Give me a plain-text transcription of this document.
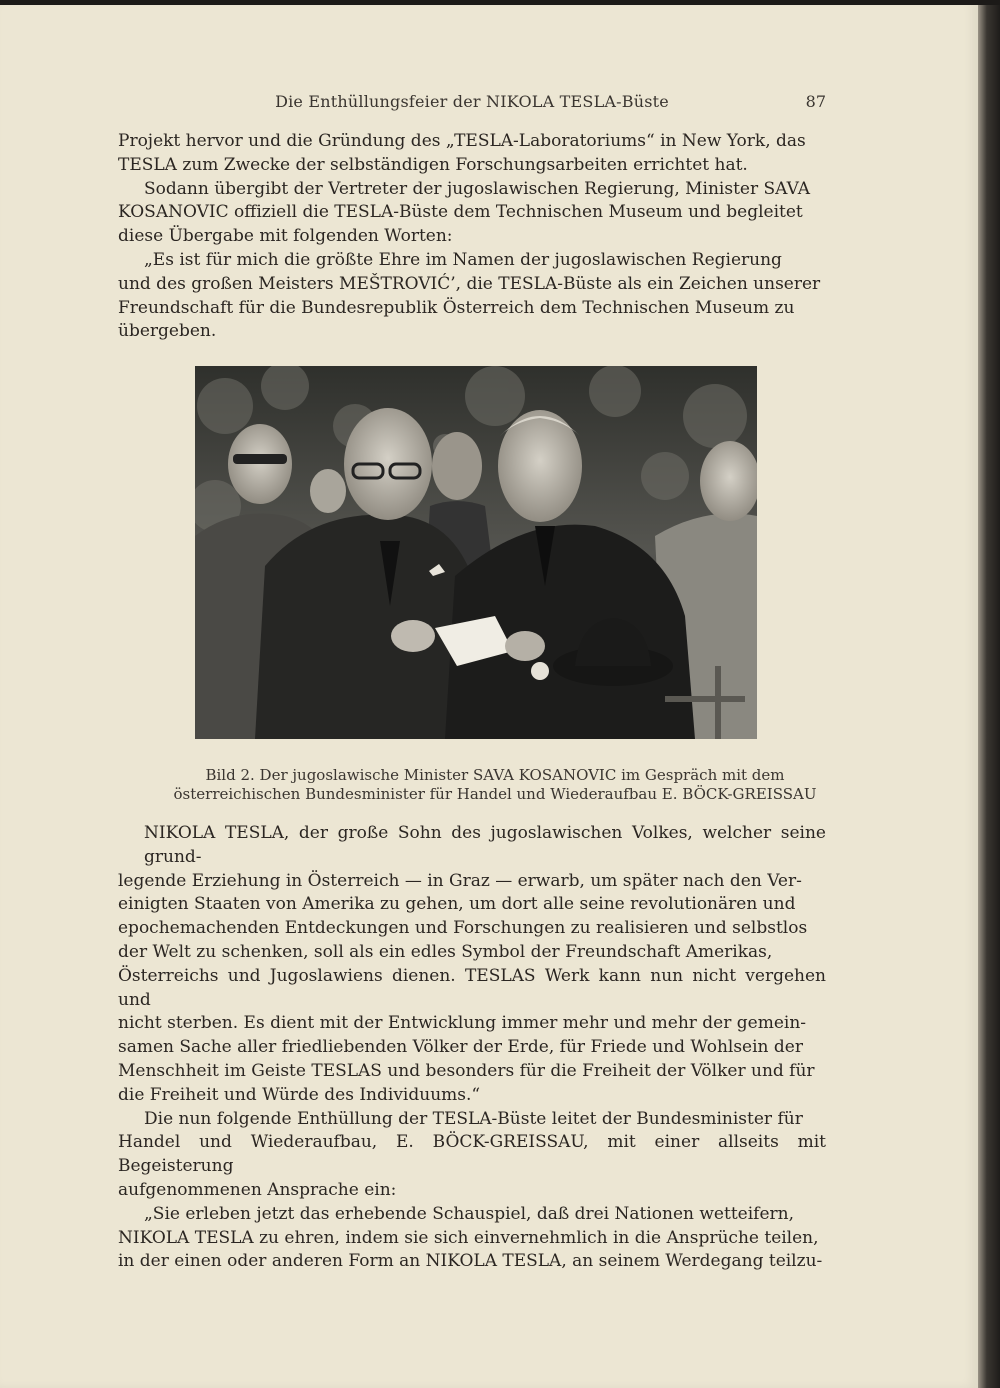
Die Enthüllungsfeier der NIKOLA TESLA-Büste	87

Projekt hervor und die Gründung des „TESLA-Laboratoriums“ in New York, das
TESLA zum Zwecke der selbständigen Forschungsarbeiten errichtet hat.

Sodann übergibt der Vertreter der jugoslawischen Regierung, Minister SAVA
KOSANOVIC offiziell die TESLA-Büste dem Technischen Museum und begleitet
diese Übergabe mit folgenden Worten:

„Es ist für mich die größte Ehre im Namen der jugoslawischen Regierung
und des großen Meisters MEŠTROVIĆ’, die TESLA-Büste als ein Zeichen unserer
Freundschaft für die Bundesrepublik Österreich dem Technischen Museum zu
übergeben.

Bild 2. Der jugoslawische Minister SAVA KOSANOVIC im Gespräch mit dem

österreichischen Bundesminister für Handel und Wiederaufbau E. BÖCK-GREISSAU

NIKOLA TESLA, der große Sohn des jugoslawischen Volkes, welcher seine grund-
legende Erziehung in Österreich — in Graz — erwarb, um später nach den Ver-
einigten Staaten von Amerika zu gehen, um dort alle seine revolutionären und
epochemachenden Entdeckungen und Forschungen zu realisieren und selbstlos
der Welt zu schenken, soll als ein edles Symbol der Freundschaft Amerikas,
Österreichs und Jugoslawiens dienen. TESLAS Werk kann nun nicht vergehen und
nicht sterben. Es dient mit der Entwicklung immer mehr und mehr der gemein-
samen Sache aller friedliebenden Völker der Erde, für Friede und Wohlsein der
Menschheit im Geiste TESLAS und besonders für die Freiheit der Völker und für
die Freiheit und Würde des Individuums.“

Die nun folgende Enthüllung der TESLA-Büste leitet der Bundesminister für
Handel und Wiederaufbau, E. BÖCK-GREISSAU, mit einer allseits mit Begeisterung
aufgenommenen Ansprache ein:

„Sie erleben jetzt das erhebende Schauspiel, daß drei Nationen wetteifern,
NIKOLA TESLA zu ehren, indem sie sich einvernehmlich in die Ansprüche teilen,
in der einen oder anderen Form an NIKOLA TESLA, an seinem Werdegang teilzu-
